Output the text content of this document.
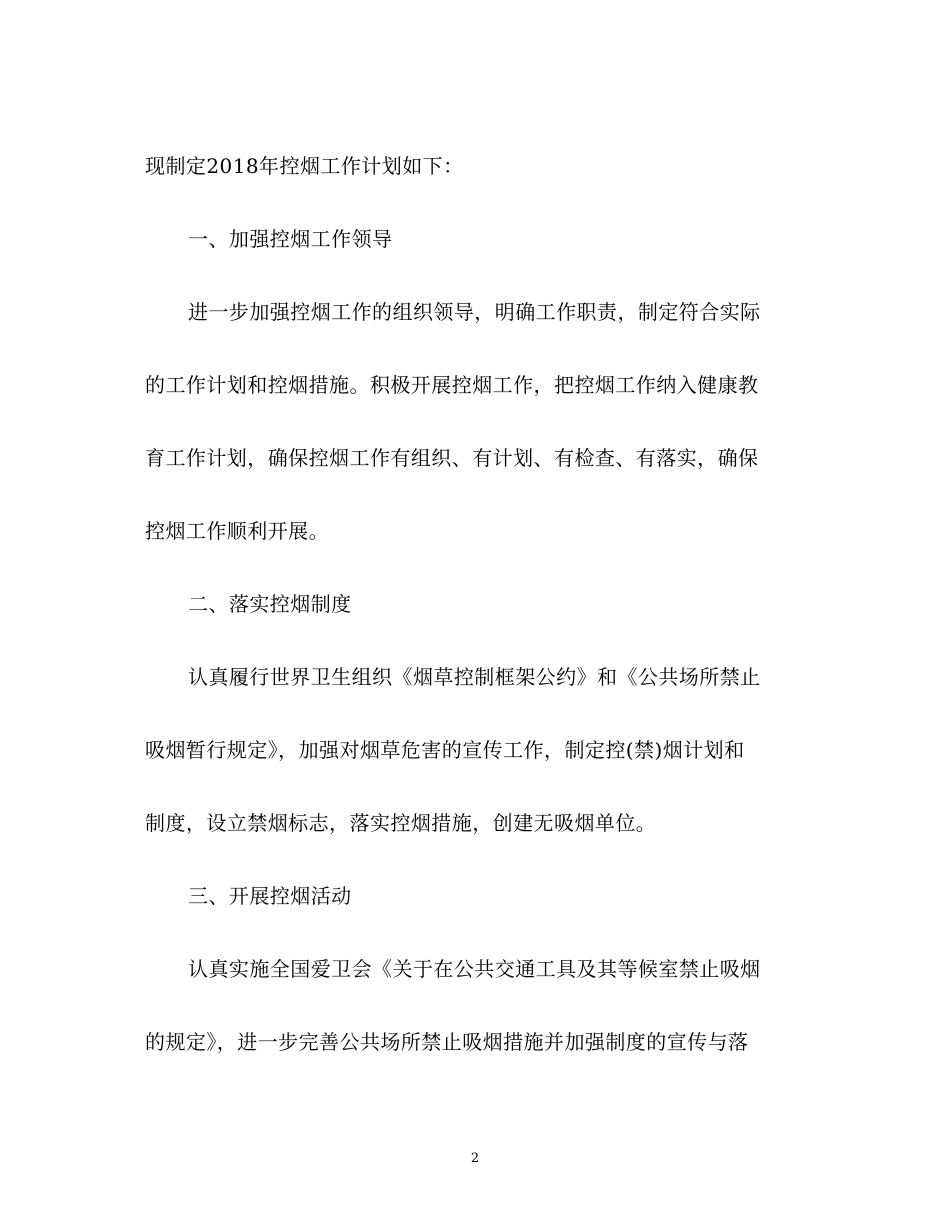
现制定2018年控烟工作计划如下：
一、加强控烟工作领导
进一步加强控烟工作的组织领导，明确工作职责，制定符合实际
的工作计划和控烟措施。积极开展控烟工作，把控烟工作纳入健康教
育工作计划，确保控烟工作有组织、有计划、有检查、有落实，确保
控烟工作顺利开展。
二、落实控烟制度
认真履行世界卫生组织《烟草控制框架公约》和《公共场所禁止
吸烟暂行规定》，加强对烟草危害的宣传工作，制定控(禁)烟计划和
制度，设立禁烟标志，落实控烟措施，创建无吸烟单位。
三、开展控烟活动
认真实施全国爱卫会《关于在公共交通工具及其等候室禁止吸烟
的规定》，进一步完善公共场所禁止吸烟措施并加强制度的宣传与落
2
